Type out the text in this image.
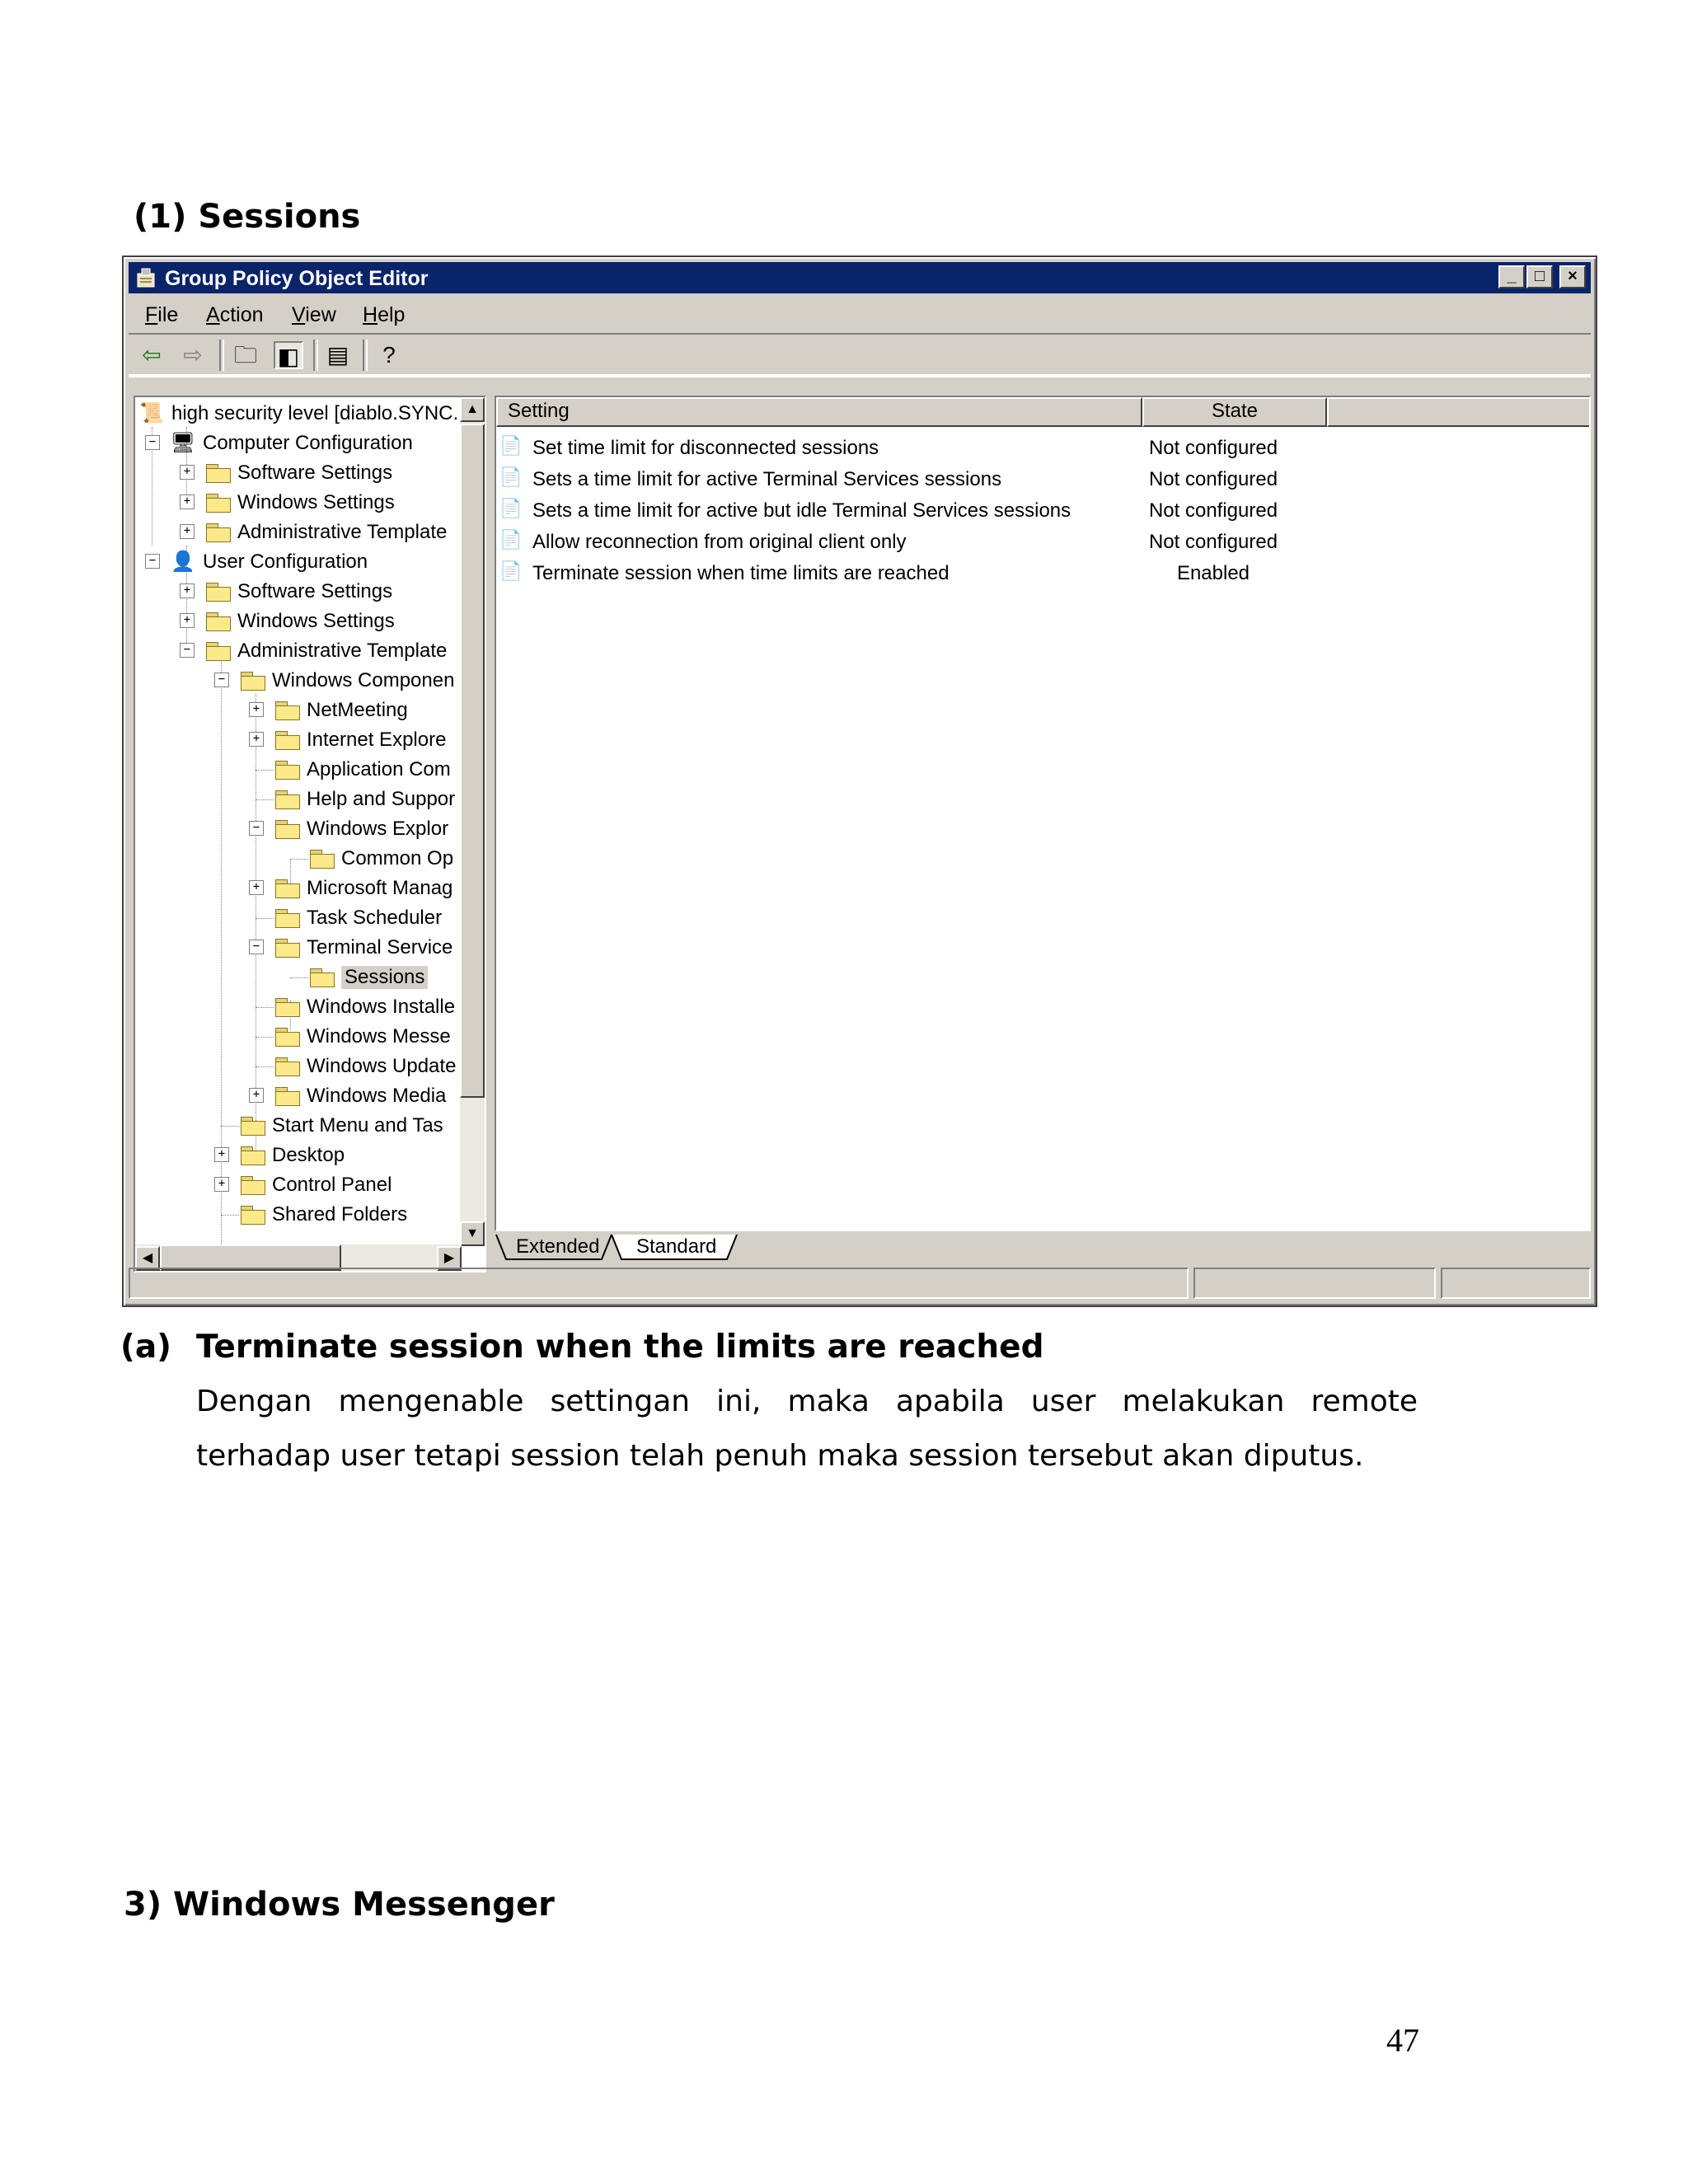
(1) Sessions
Group Policy Object Editor	_	□	×
File Action View Help
⇦ ⇨ 🗀 ◧ ▤	?
📜 high security level [diablo.SYNC.
− 🖥 Computer Configuration
+ Software Settings
+ Windows Settings
+ Administrative Template
− 👤 User Configuration
+ Software Settings
+ Windows Settings
− Administrative Template
− Windows Componen
+ NetMeeting
+ Internet Explore
Application Com
Help and Suppor
− Windows Explor
Common Op
+ Microsoft Manag
Task Scheduler
− Terminal Service
Sessions
Windows Installe
Windows Messe
Windows Update
+ Windows Media
Start Menu and Tas
+ Desktop
+ Control Panel
Shared Folders
▲
▼
◀	▶
Setting	State
📄 Set time limit for disconnected sessions	Not configured
📄 Sets a time limit for active Terminal Services sessions	Not configured
📄 Sets a time limit for active but idle Terminal Services sessions	Not configured
📄 Allow reconnection from original client only	Not configured
📄 Terminate session when time limits are reached	Enabled
Extended Standard
(a) Terminate session when the limits are reached
Dengan mengenable settingan ini, maka apabila user melakukan remote
terhadap user tetapi session telah penuh maka session tersebut akan diputus.
3) Windows Messenger
47
